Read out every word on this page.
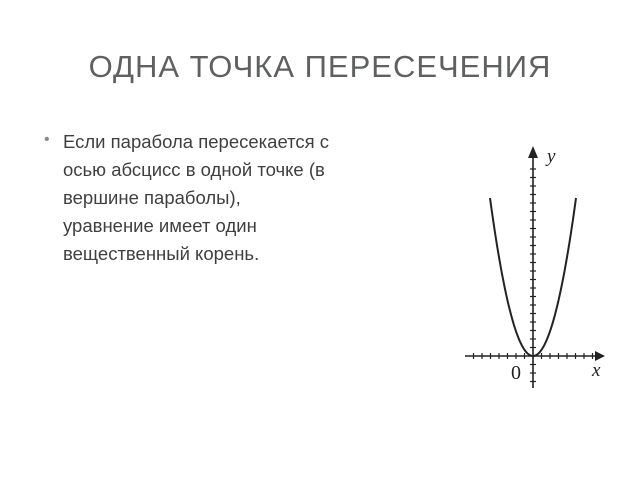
ОДНА ТОЧКА ПЕРЕСЕЧЕНИЯ
• Если парабола пересекается с
осью абсцисс в одной точке (в
вершине параболы),
уравнение имеет один
вещественный корень.

y
x
0
